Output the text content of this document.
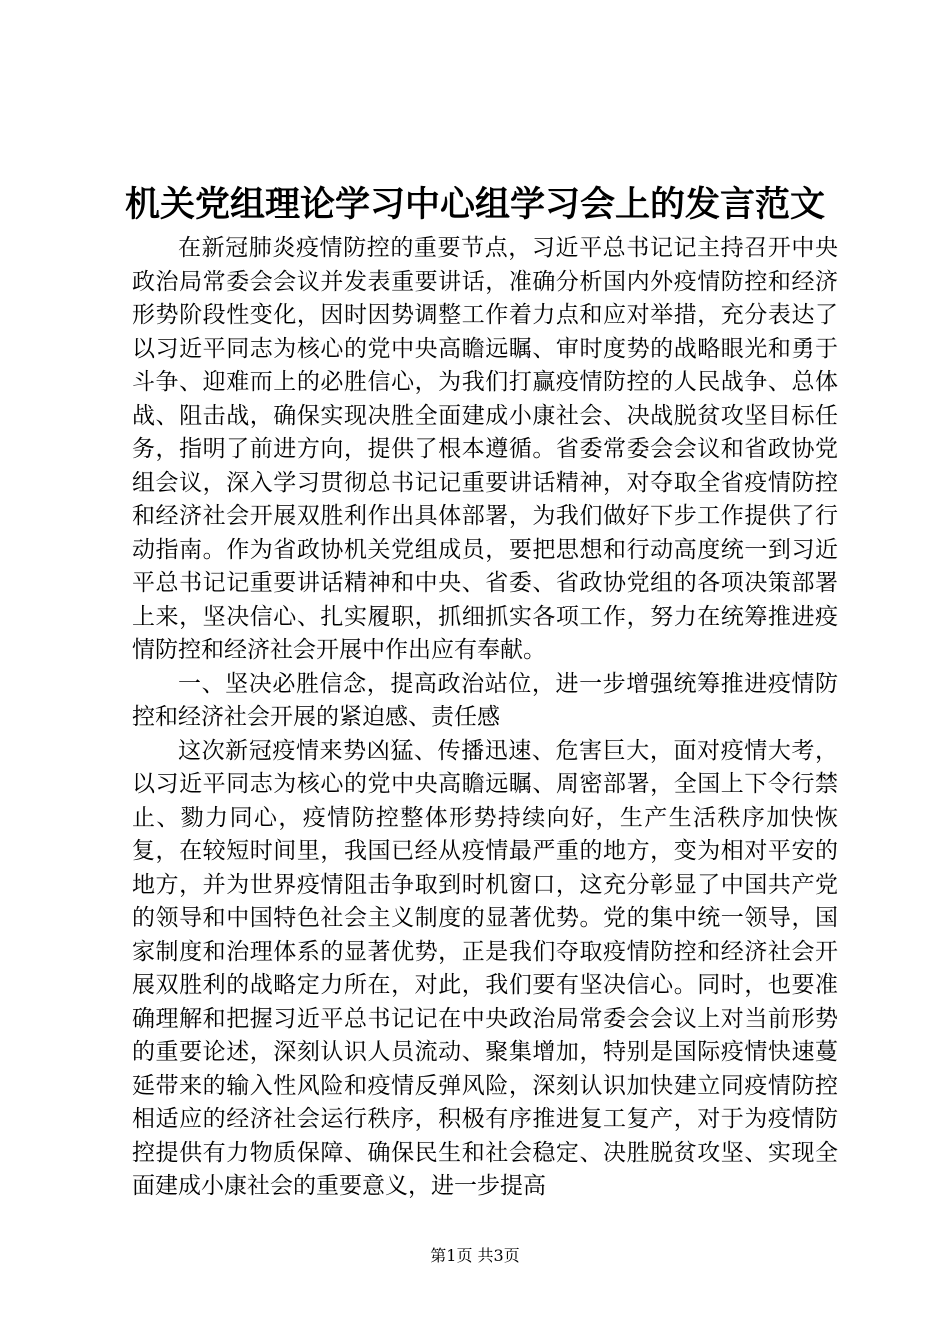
机关党组理论学习中心组学习会上的发言范文

在新冠肺炎疫情防控的重要节点，习近平总书记记主持召开中央政治局常委会会议并发表重要讲话，准确分析国内外疫情防控和经济形势阶段性变化，因时因势调整工作着力点和应对举措，充分表达了以习近平同志为核心的党中央高瞻远瞩、审时度势的战略眼光和勇于斗争、迎难而上的必胜信心，为我们打赢疫情防控的人民战争、总体战、阻击战，确保实现决胜全面建成小康社会、决战脱贫攻坚目标任务，指明了前进方向，提供了根本遵循。省委常委会会议和省政协党组会议，深入学习贯彻总书记记重要讲话精神，对夺取全省疫情防控和经济社会开展双胜利作出具体部署，为我们做好下步工作提供了行动指南。作为省政协机关党组成员，要把思想和行动高度统一到习近平总书记记重要讲话精神和中央、省委、省政协党组的各项决策部署上来，坚决信心、扎实履职，抓细抓实各项工作，努力在统筹推进疫情防控和经济社会开展中作出应有奉献。

一、坚决必胜信念，提高政治站位，进一步增强统筹推进疫情防控和经济社会开展的紧迫感、责任感

这次新冠疫情来势凶猛、传播迅速、危害巨大，面对疫情大考，以习近平同志为核心的党中央高瞻远瞩、周密部署，全国上下令行禁止、勠力同心，疫情防控整体形势持续向好，生产生活秩序加快恢复，在较短时间里，我国已经从疫情最严重的地方，变为相对平安的地方，并为世界疫情阻击争取到时机窗口，这充分彰显了中国共产党的领导和中国特色社会主义制度的显著优势。党的集中统一领导，国家制度和治理体系的显著优势，正是我们夺取疫情防控和经济社会开展双胜利的战略定力所在，对此，我们要有坚决信心。同时，也要准确理解和把握习近平总书记记在中央政治局常委会会议上对当前形势的重要论述，深刻认识人员流动、聚集增加，特别是国际疫情快速蔓延带来的输入性风险和疫情反弹风险，深刻认识加快建立同疫情防控相适应的经济社会运行秩序，积极有序推进复工复产，对于为疫情防控提供有力物质保障、确保民生和社会稳定、决胜脱贫攻坚、实现全面建成小康社会的重要意义，进一步提高

第1页 共3页
